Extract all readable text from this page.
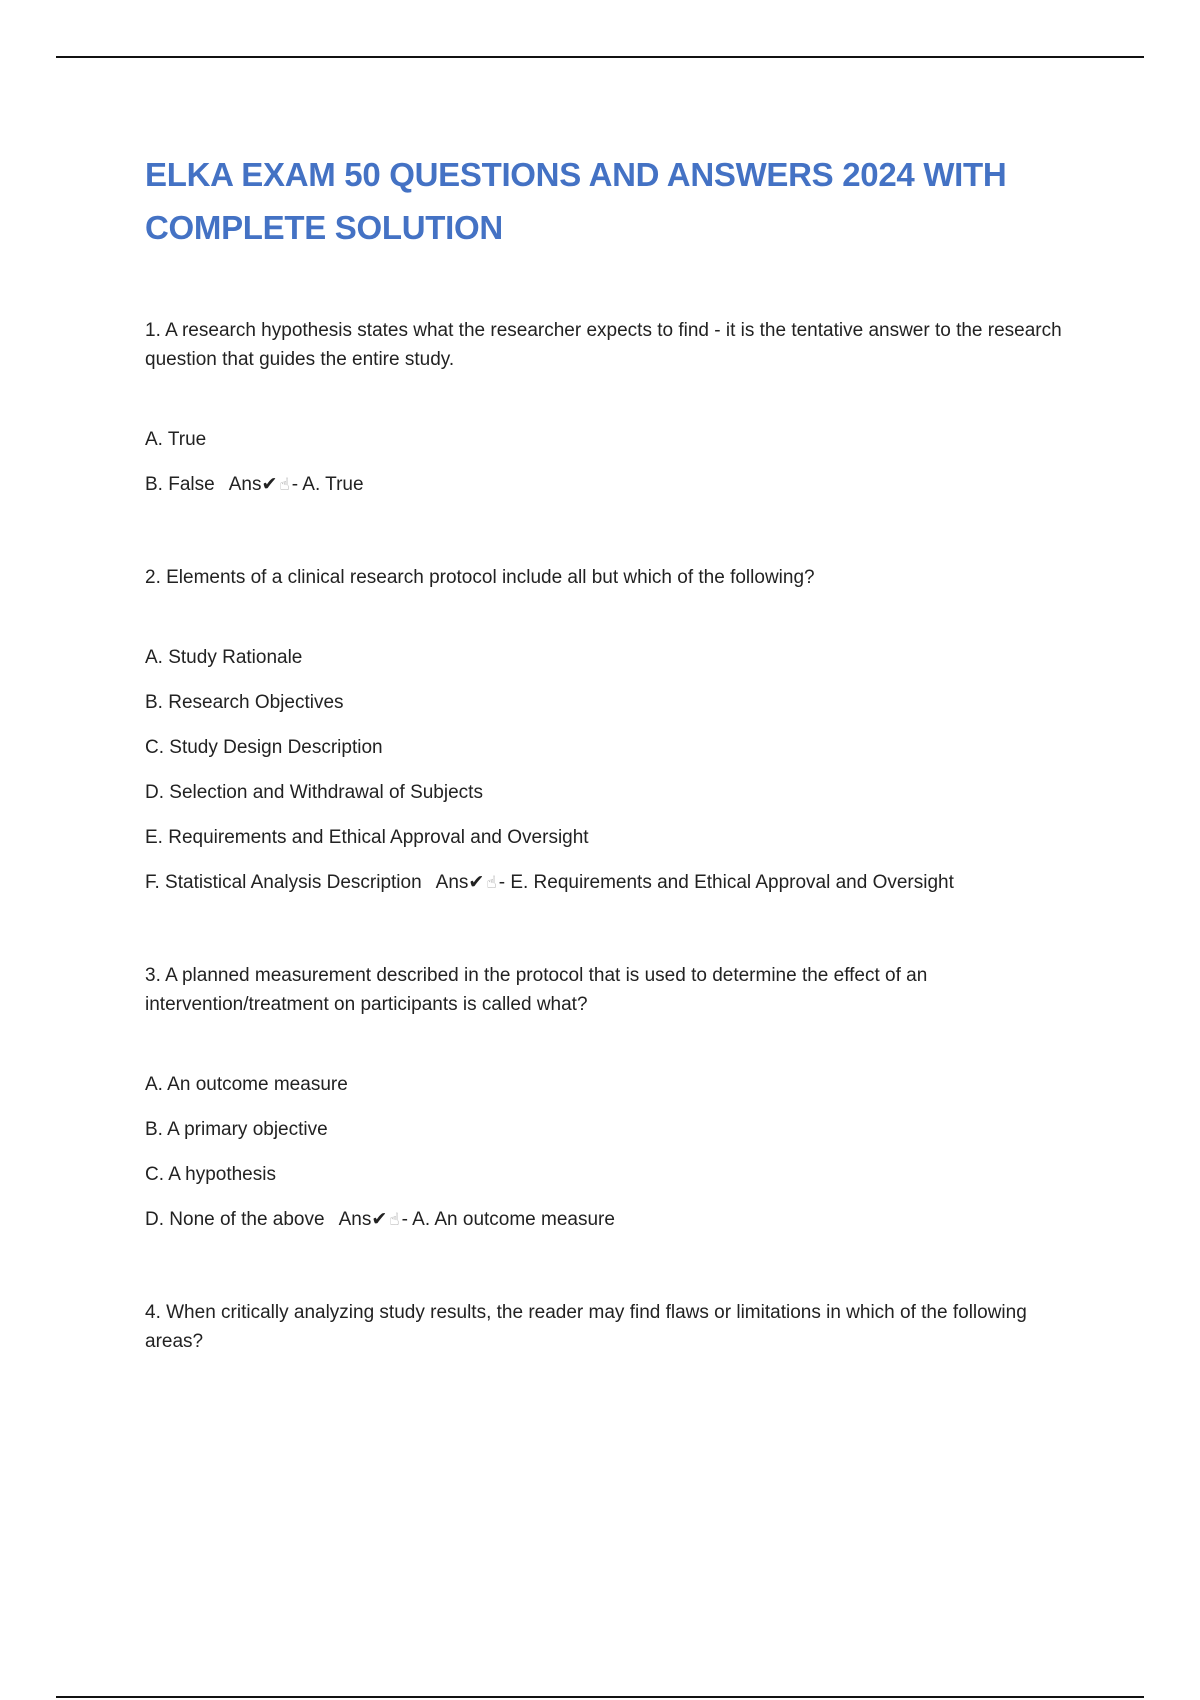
ELKA EXAM 50 QUESTIONS AND ANSWERS 2024 WITH COMPLETE SOLUTION

1. A research hypothesis states what the researcher expects to find - it is the tentative answer to the research question that guides the entire study.

A. True
B. False Ans✔ ☝ - A. True

2. Elements of a clinical research protocol include all but which of the following?

A. Study Rationale
B. Research Objectives
C. Study Design Description
D. Selection and Withdrawal of Subjects
E. Requirements and Ethical Approval and Oversight
F. Statistical Analysis Description Ans✔ ☝ - E. Requirements and Ethical Approval and Oversight

3. A planned measurement described in the protocol that is used to determine the effect of an intervention/treatment on participants is called what?

A. An outcome measure
B. A primary objective
C. A hypothesis
D. None of the above Ans✔ ☝ - A. An outcome measure

4. When critically analyzing study results, the reader may find flaws or limitations in which of the following areas?
